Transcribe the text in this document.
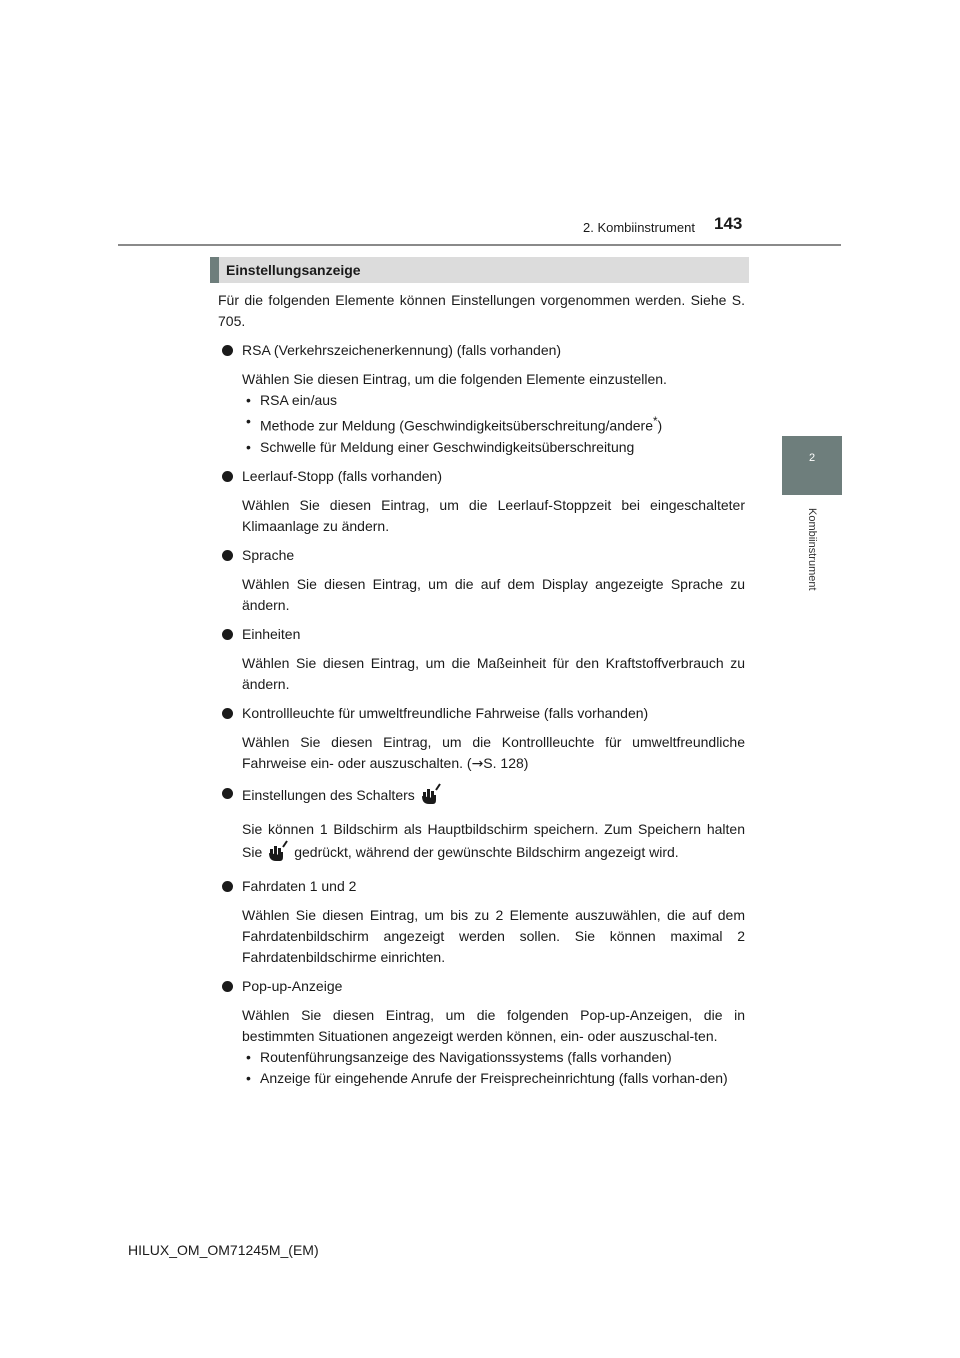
2. Kombiinstrument 143
2
Kombiinstrument
Einstellungsanzeige

Für die folgenden Elemente können Einstellungen vorgenommen werden. Siehe S. 705.

RSA (Verkehrszeichenerkennung) (falls vorhanden)

Wählen Sie diesen Eintrag, um die folgenden Elemente einzustellen.

• RSA ein/aus
• Methode zur Meldung (Geschwindigkeitsüberschreitung/andere*)
• Schwelle für Meldung einer Geschwindigkeitsüberschreitung

Leerlauf-Stopp (falls vorhanden)

Wählen Sie diesen Eintrag, um die Leerlauf-Stoppzeit bei eingeschalteter Klimaanlage zu ändern.

Sprache

Wählen Sie diesen Eintrag, um die auf dem Display angezeigte Sprache zu ändern.

Einheiten

Wählen Sie diesen Eintrag, um die Maßeinheit für den Kraftstoffverbrauch zu ändern.

Kontrollleuchte für umweltfreundliche Fahrweise (falls vorhanden)

Wählen Sie diesen Eintrag, um die Kontrollleuchte für umweltfreundliche Fahrweise ein- oder auszuschalten. (→S. 128)

Einstellungen des Schalters

Sie können 1 Bildschirm als Hauptbildschirm speichern. Zum Speichern halten Sie gedrückt, während der gewünschte Bildschirm angezeigt wird.

Fahrdaten 1 und 2

Wählen Sie diesen Eintrag, um bis zu 2 Elemente auszuwählen, die auf dem Fahrdatenbildschirm angezeigt werden sollen. Sie können maximal 2 Fahrdatenbildschirme einrichten.

Pop-up-Anzeige

Wählen Sie diesen Eintrag, um die folgenden Pop-up-Anzeigen, die in bestimmten Situationen angezeigt werden können, ein- oder auszuschal-ten.

• Routenführungsanzeige des Navigationssystems (falls vorhanden)
• Anzeige für eingehende Anrufe der Freisprecheinrichtung (falls vorhan-den)
HILUX_OM_OM71245M_(EM)
